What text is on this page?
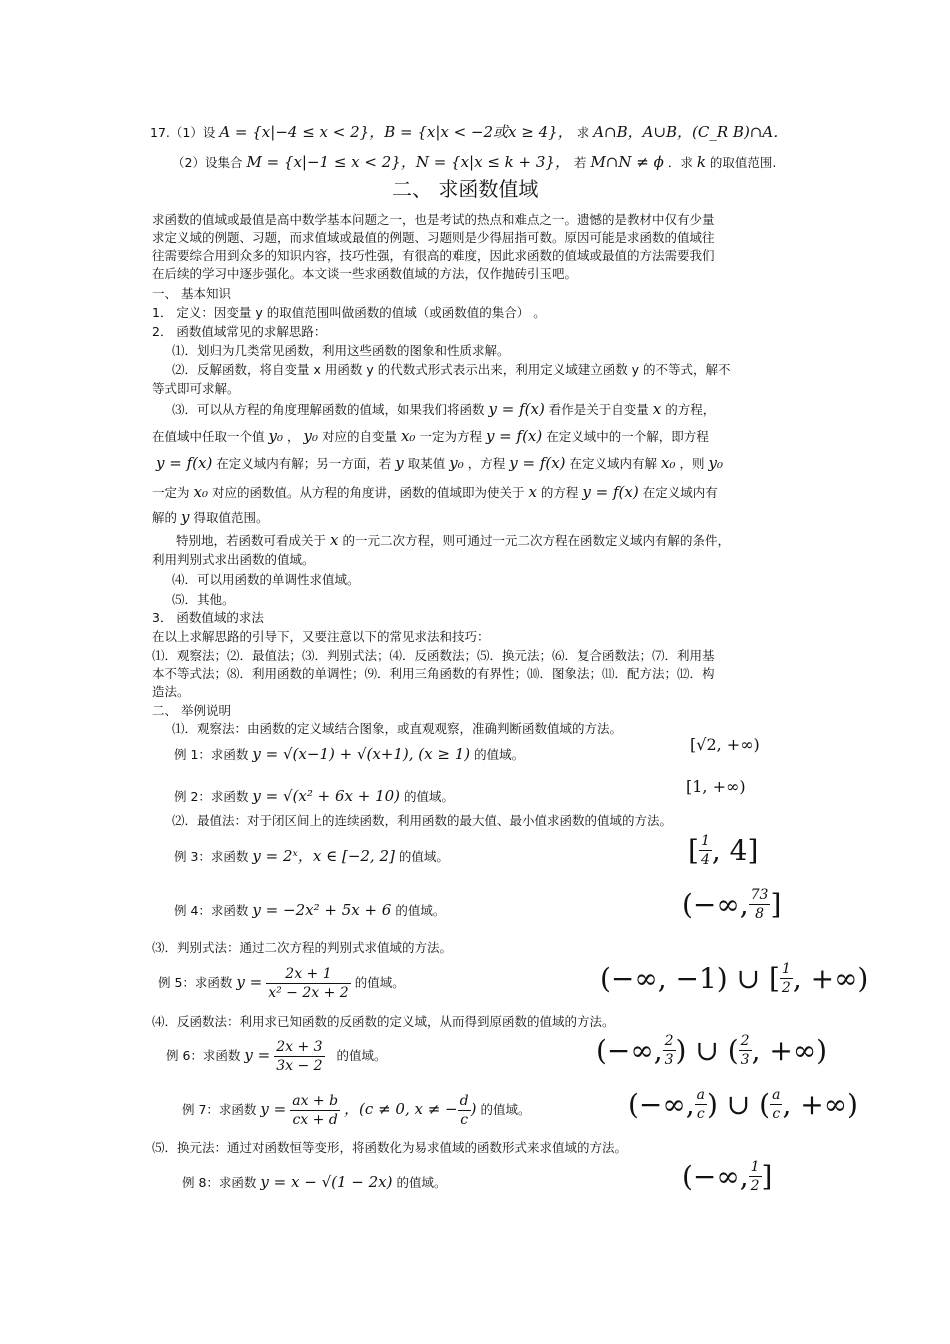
17.（1）设 A = {x|−4 ≤ x < 2}，B = {x|x < −2或x ≥ 4}， 求 A∩B，A∪B，(C_R B)∩A．
（2）设集合 M = {x|−1 ≤ x < 2}，N = {x|x ≤ k + 3}， 若 M∩N ≠ ϕ ．求 k 的取值范围.
二、 求函数值域
求函数的值域或最值是高中数学基本问题之一，也是考试的热点和难点之一。遗憾的是教材中仅有少量
求定义域的例题、习题，而求值域或最值的例题、习题则是少得屈指可数。原因可能是求函数的值域往
往需要综合用到众多的知识内容，技巧性强，有很高的难度，因此求函数的值域或最值的方法需要我们
在后续的学习中逐步强化。本文谈一些求函数值域的方法，仅作抛砖引玉吧。
一、 基本知识
1． 定义：因变量 y 的取值范围叫做函数的值域（或函数值的集合） 。
2． 函数值域常见的求解思路：
⑴．划归为几类常见函数，利用这些函数的图象和性质求解。
⑵．反解函数，将自变量 x 用函数 y 的代数式形式表示出来，利用定义域建立函数 y 的不等式，解不
等式即可求解。
⑶．可以从方程的角度理解函数的值域，如果我们将函数 y = f(x) 看作是关于自变量 x 的方程，
在值域中任取一个值 y₀ ， y₀ 对应的自变量 x₀ 一定为方程 y = f(x) 在定义域中的一个解，即方程
y = f(x) 在定义域内有解；另一方面，若 y 取某值 y₀ ，方程 y = f(x) 在定义域内有解 x₀ ，则 y₀
一定为 x₀ 对应的函数值。从方程的角度讲，函数的值域即为使关于 x 的方程 y = f(x) 在定义域内有
解的 y 得取值范围。
特别地，若函数可看成关于 x 的一元二次方程，则可通过一元二次方程在函数定义域内有解的条件，
利用判别式求出函数的值域。
⑷．可以用函数的单调性求值域。
⑸．其他。
3． 函数值域的求法
在以上求解思路的引导下，又要注意以下的常见求法和技巧：
⑴．观察法；⑵．最值法；⑶．判别式法；⑷．反函数法；⑸．换元法；⑹．复合函数法；⑺．利用基
本不等式法；⑻．利用函数的单调性；⑼．利用三角函数的有界性；⑽．图象法；⑾．配方法；⑿．构
造法。
二、 举例说明
⑴．观察法：由函数的定义域结合图象，或直观观察，准确判断函数值域的方法。
例 1：求函数 y = √(x−1) + √(x+1), (x ≥ 1) 的值域。
[√2, +∞)
例 2：求函数 y = √(x² + 6x + 10) 的值域。
[1, +∞)
⑵．最值法：对于闭区间上的连续函数，利用函数的最大值、最小值求函数的值域的方法。
例 3：求函数 y = 2ˣ，x ∈ [−2, 2] 的值域。	[ $\frac{1}{4}$ , 4]
例 4：求函数 y = −2x² + 5x + 6 的值域。	(−∞, $\frac{73}{8}$ ]
⑶．判别式法：通过二次方程的判别式求值域的方法。
例 5：求函数 $y = \frac{2x + 1}{\text{x² − 2x + 2}}$ 的值域。	(−∞, −1) ∪ [ $\frac{1}{2}$ , +∞)
⑷．反函数法：利用求已知函数的反函数的定义域，从而得到原函数的值域的方法。
例 6：求函数 $y = \frac{2x + 3}{3x - 2}$ 的值域。	(−∞, $\frac{2}{3}$ ) ∪ ( $\frac{2}{3}$ , +∞)
例 7：求函数 $y = \frac{ax + b}{cx + d}$ ，(c ≠ 0, x ≠ − $\frac{d}{c}$ ) 的值域。	(−∞, $\frac{a}{c}$ ) ∪ ( $\frac{a}{c}$ , +∞)
⑸．换元法：通过对函数恒等变形，将函数化为易求值域的函数形式来求值域的方法。
例 8：求函数 y = x − √(1 − 2x) 的值域。	(−∞, $\frac{1}{2}$ ]
